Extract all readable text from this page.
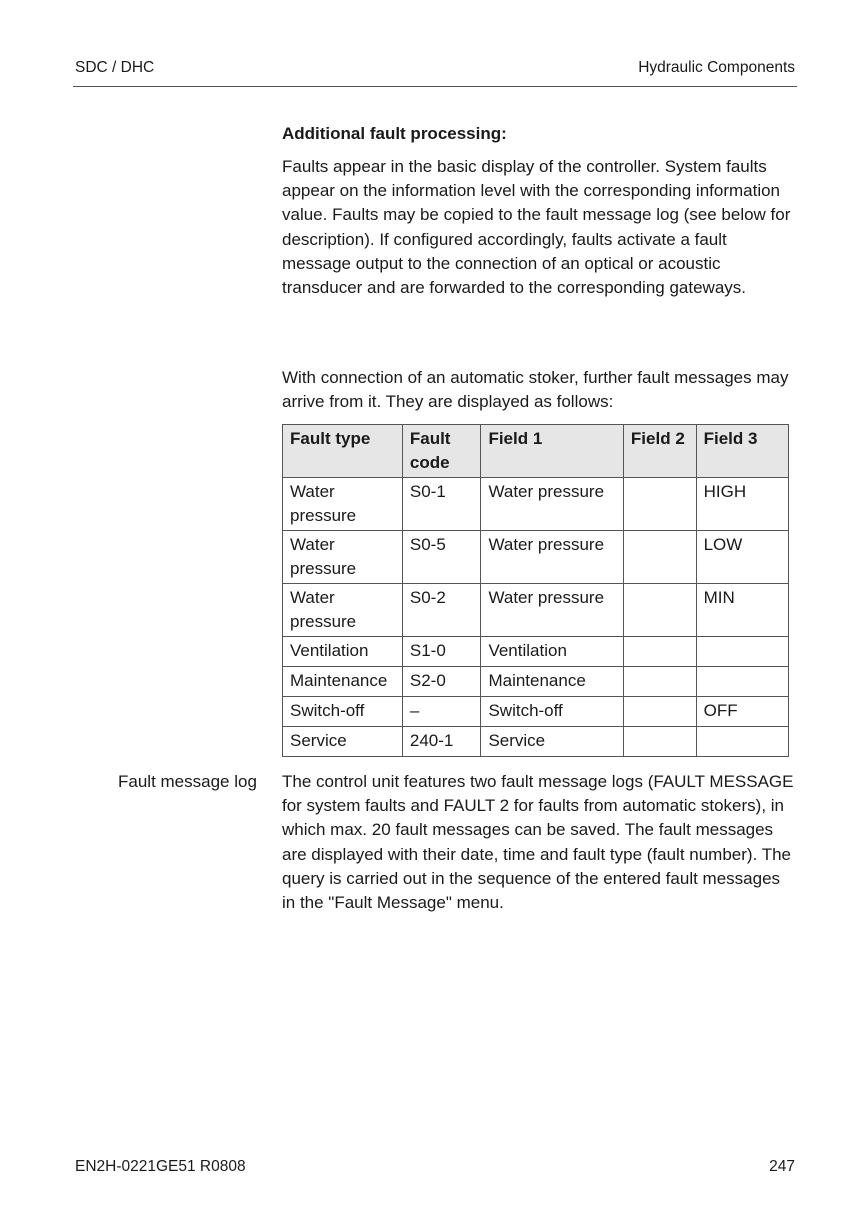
SDC / DHC	Hydraulic Components
Additional fault processing:
Faults appear in the basic display of the controller. System faults appear on the information level with the corresponding information value. Faults may be copied to the fault message log (see below for description). If configured accordingly, faults activate a fault message output to the connection of an optical or acoustic transducer and are forwarded to the corresponding gateways.
With connection of an automatic stoker, further fault messages may arrive from it. They are displayed as follows:
Fault type	Fault code	Field 1	Field 2	Field 3
Water pressure	S0-1	Water pressure		HIGH
Water pressure	S0-5	Water pressure		LOW
Water pressure	S0-2	Water pressure		MIN
Ventilation	S1-0	Ventilation		
Maintenance	S2-0	Maintenance		
Switch-off	–	Switch-off		OFF
Service	240-1	Service		
Fault message log The control unit features two fault message logs (FAULT MESSAGE for system faults and FAULT 2 for faults from automatic stokers), in which max. 20 fault messages can be saved. The fault messages are displayed with their date, time and fault type (fault number). The query is carried out in the sequence of the entered fault messages in the "Fault Message" menu.
EN2H-0221GE51 R0808	247
